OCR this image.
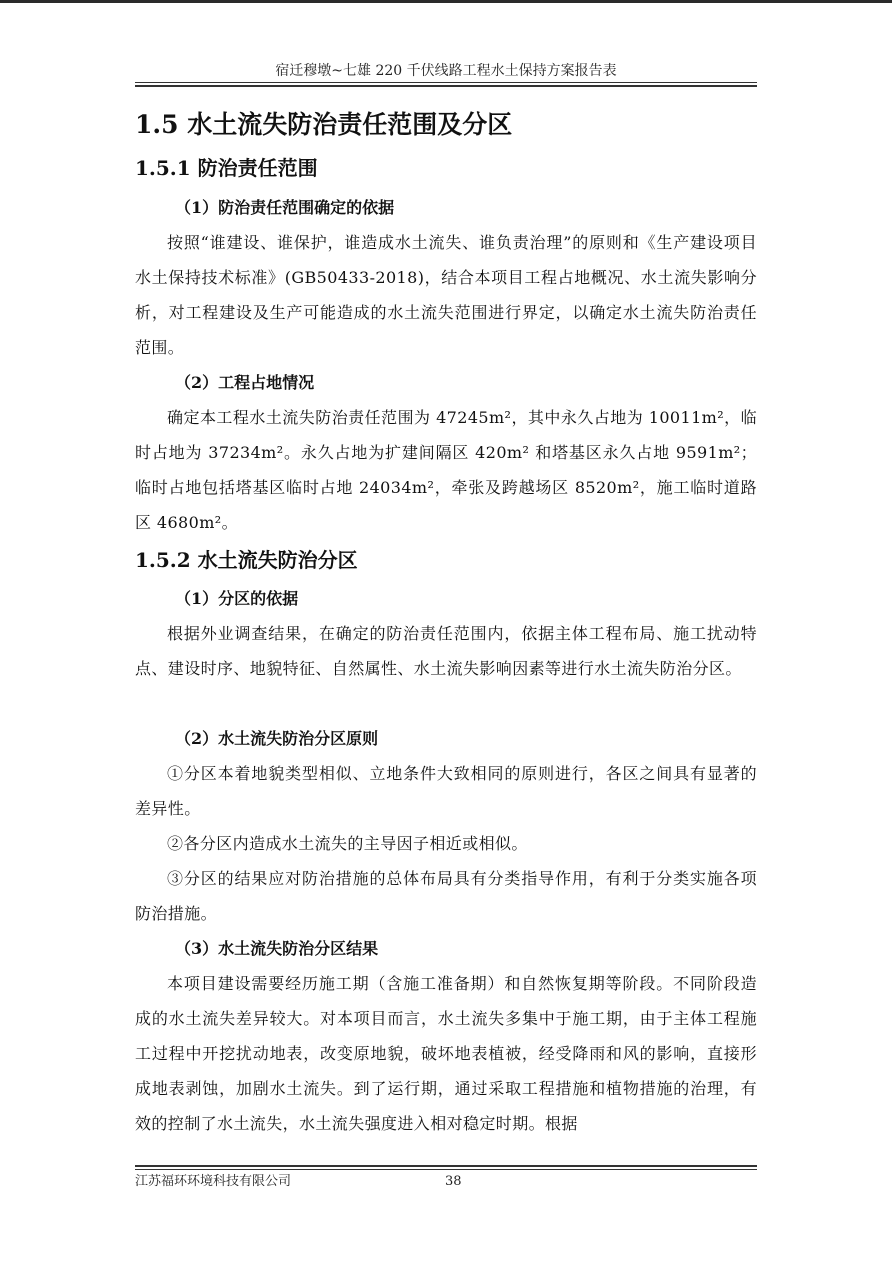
宿迁穆墩~七雄 220 千伏线路工程水土保持方案报告表
1.5 水土流失防治责任范围及分区
1.5.1 防治责任范围
（1）防治责任范围确定的依据
按照“谁建设、谁保护，谁造成水土流失、谁负责治理”的原则和《生产建设项目水土保持技术标准》(GB50433-2018)，结合本项目工程占地概况、水土流失影响分析，对工程建设及生产可能造成的水土流失范围进行界定，以确定水土流失防治责任范围。
（2）工程占地情况
确定本工程水土流失防治责任范围为 47245m²，其中永久占地为 10011m²，临时占地为 37234m²。永久占地为扩建间隔区 420m² 和塔基区永久占地 9591m²；临时占地包括塔基区临时占地 24034m²，牵张及跨越场区 8520m²，施工临时道路区 4680m²。
1.5.2 水土流失防治分区
（1）分区的依据
根据外业调查结果，在确定的防治责任范围内，依据主体工程布局、施工扰动特点、建设时序、地貌特征、自然属性、水土流失影响因素等进行水土流失防治分区。
（2）水土流失防治分区原则
①分区本着地貌类型相似、立地条件大致相同的原则进行，各区之间具有显著的差异性。
②各分区内造成水土流失的主导因子相近或相似。
③分区的结果应对防治措施的总体布局具有分类指导作用，有利于分类实施各项防治措施。
（3）水土流失防治分区结果
本项目建设需要经历施工期（含施工准备期）和自然恢复期等阶段。不同阶段造成的水土流失差异较大。对本项目而言，水土流失多集中于施工期，由于主体工程施工过程中开挖扰动地表，改变原地貌，破坏地表植被，经受降雨和风的影响，直接形成地表剥蚀，加剧水土流失。到了运行期，通过采取工程措施和植物措施的治理，有效的控制了水土流失，水土流失强度进入相对稳定时期。根据
江苏福环环境科技有限公司	38
